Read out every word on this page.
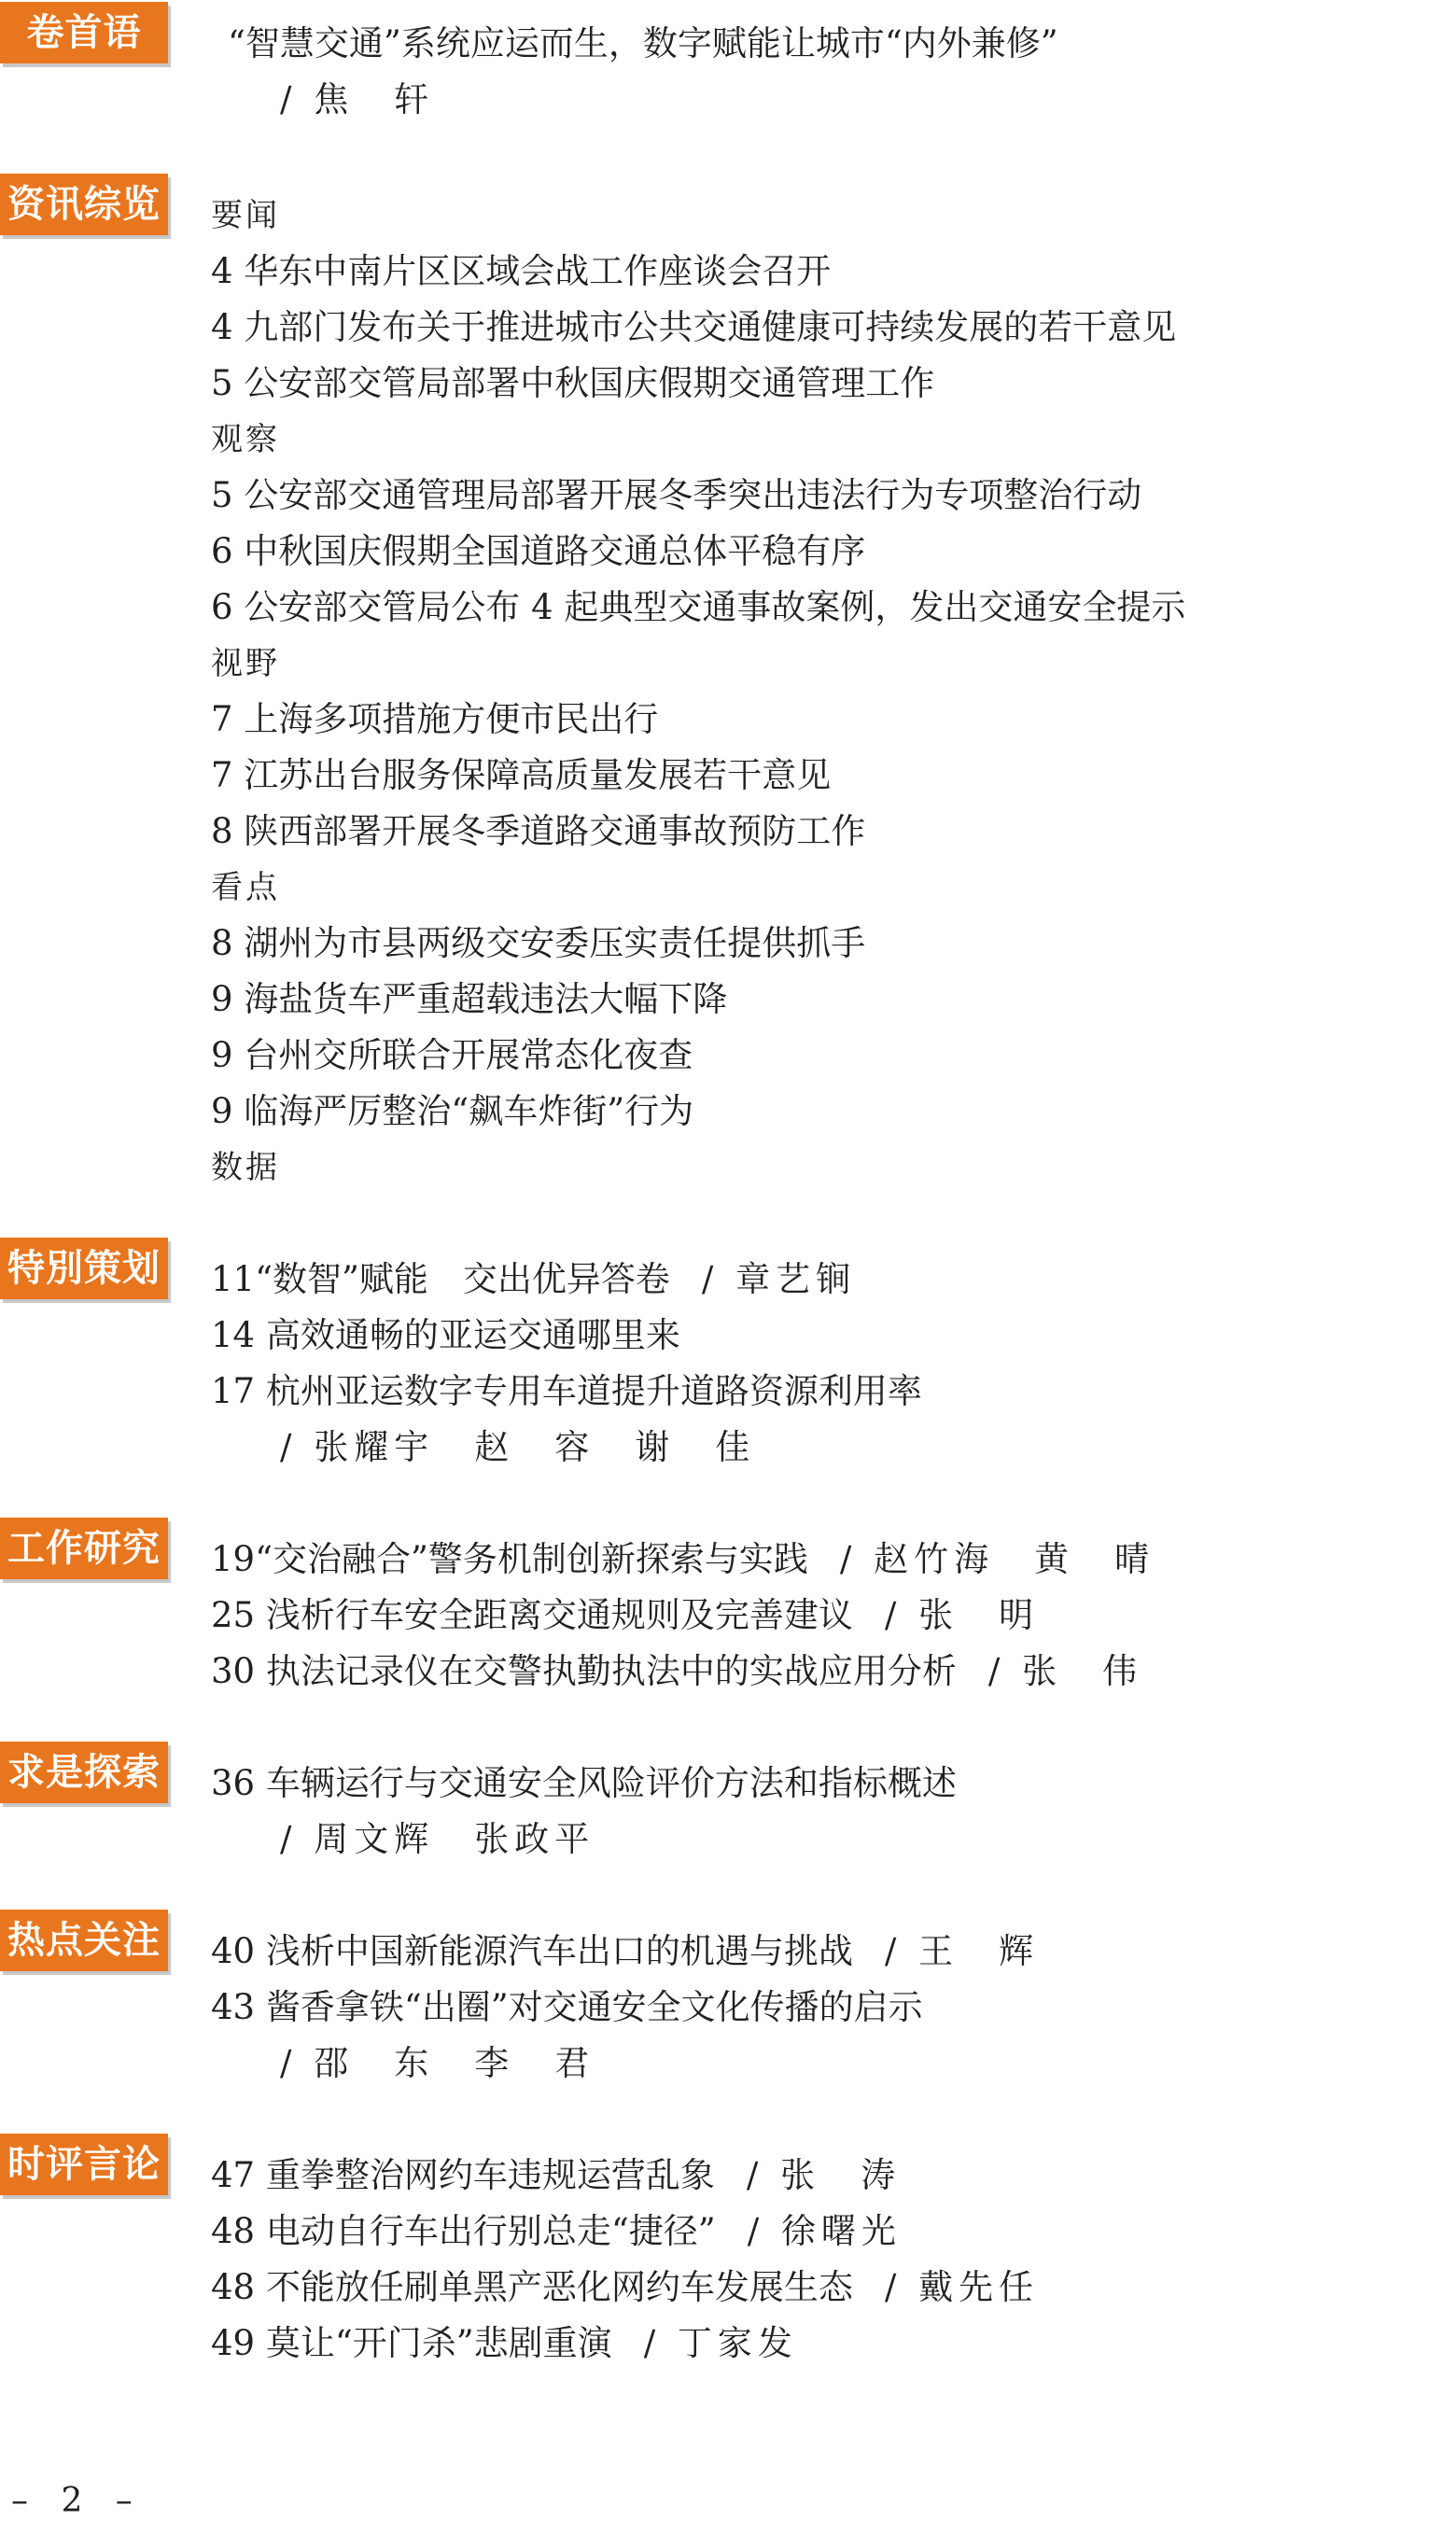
卷首语	“智慧交通”系统应运而生，数字赋能让城市“内外兼修”
/ 焦　轩
资讯综览 要闻
4 华东中南片区区域会战工作座谈会召开
4 九部门发布关于推进城市公共交通健康可持续发展的若干意见
5 公安部交管局部署中秋国庆假期交通管理工作
观察
5 公安部交通管理局部署开展冬季突出违法行为专项整治行动
6 中秋国庆假期全国道路交通总体平稳有序
6 公安部交管局公布 4 起典型交通事故案例，发出交通安全提示
视野
7 上海多项措施方便市民出行
7 江苏出台服务保障高质量发展若干意见
8 陕西部署开展冬季道路交通事故预防工作
看点
8 湖州为市县两级交安委压实责任提供抓手
9 海盐货车严重超载违法大幅下降
9 台州交所联合开展常态化夜查
9 临海严厉整治“飙车炸街”行为
数据
特別策划 11“数智”赋能　交出优异答卷 / 章艺锏
14 高效通畅的亚运交通哪里来
17 杭州亚运数字专用车道提升道路资源利用率
/ 张耀宇　赵　容　谢　佳
工作研究 19“交治融合”警务机制创新探索与实践 / 赵竹海　黄　晴
25 浅析行车安全距离交通规则及完善建议 / 张　明
30 执法记录仪在交警执勤执法中的实战应用分析 / 张　伟
求是探索 36 车辆运行与交通安全风险评价方法和指标概述
/ 周文辉　张政平
热点关注 40 浅析中国新能源汽车出口的机遇与挑战 / 王　辉
43 酱香拿铁“出圈”对交通安全文化传播的启示
/ 邵　东　李　君
时评言论 47 重拳整治网约车违规运营乱象 / 张　涛
48 电动自行车出行别总走“捷径” / 徐曙光
48 不能放任刷单黑产恶化网约车发展生态 / 戴先任
49 莫让“开门杀”悲剧重演 / 丁家发
– 2 –
